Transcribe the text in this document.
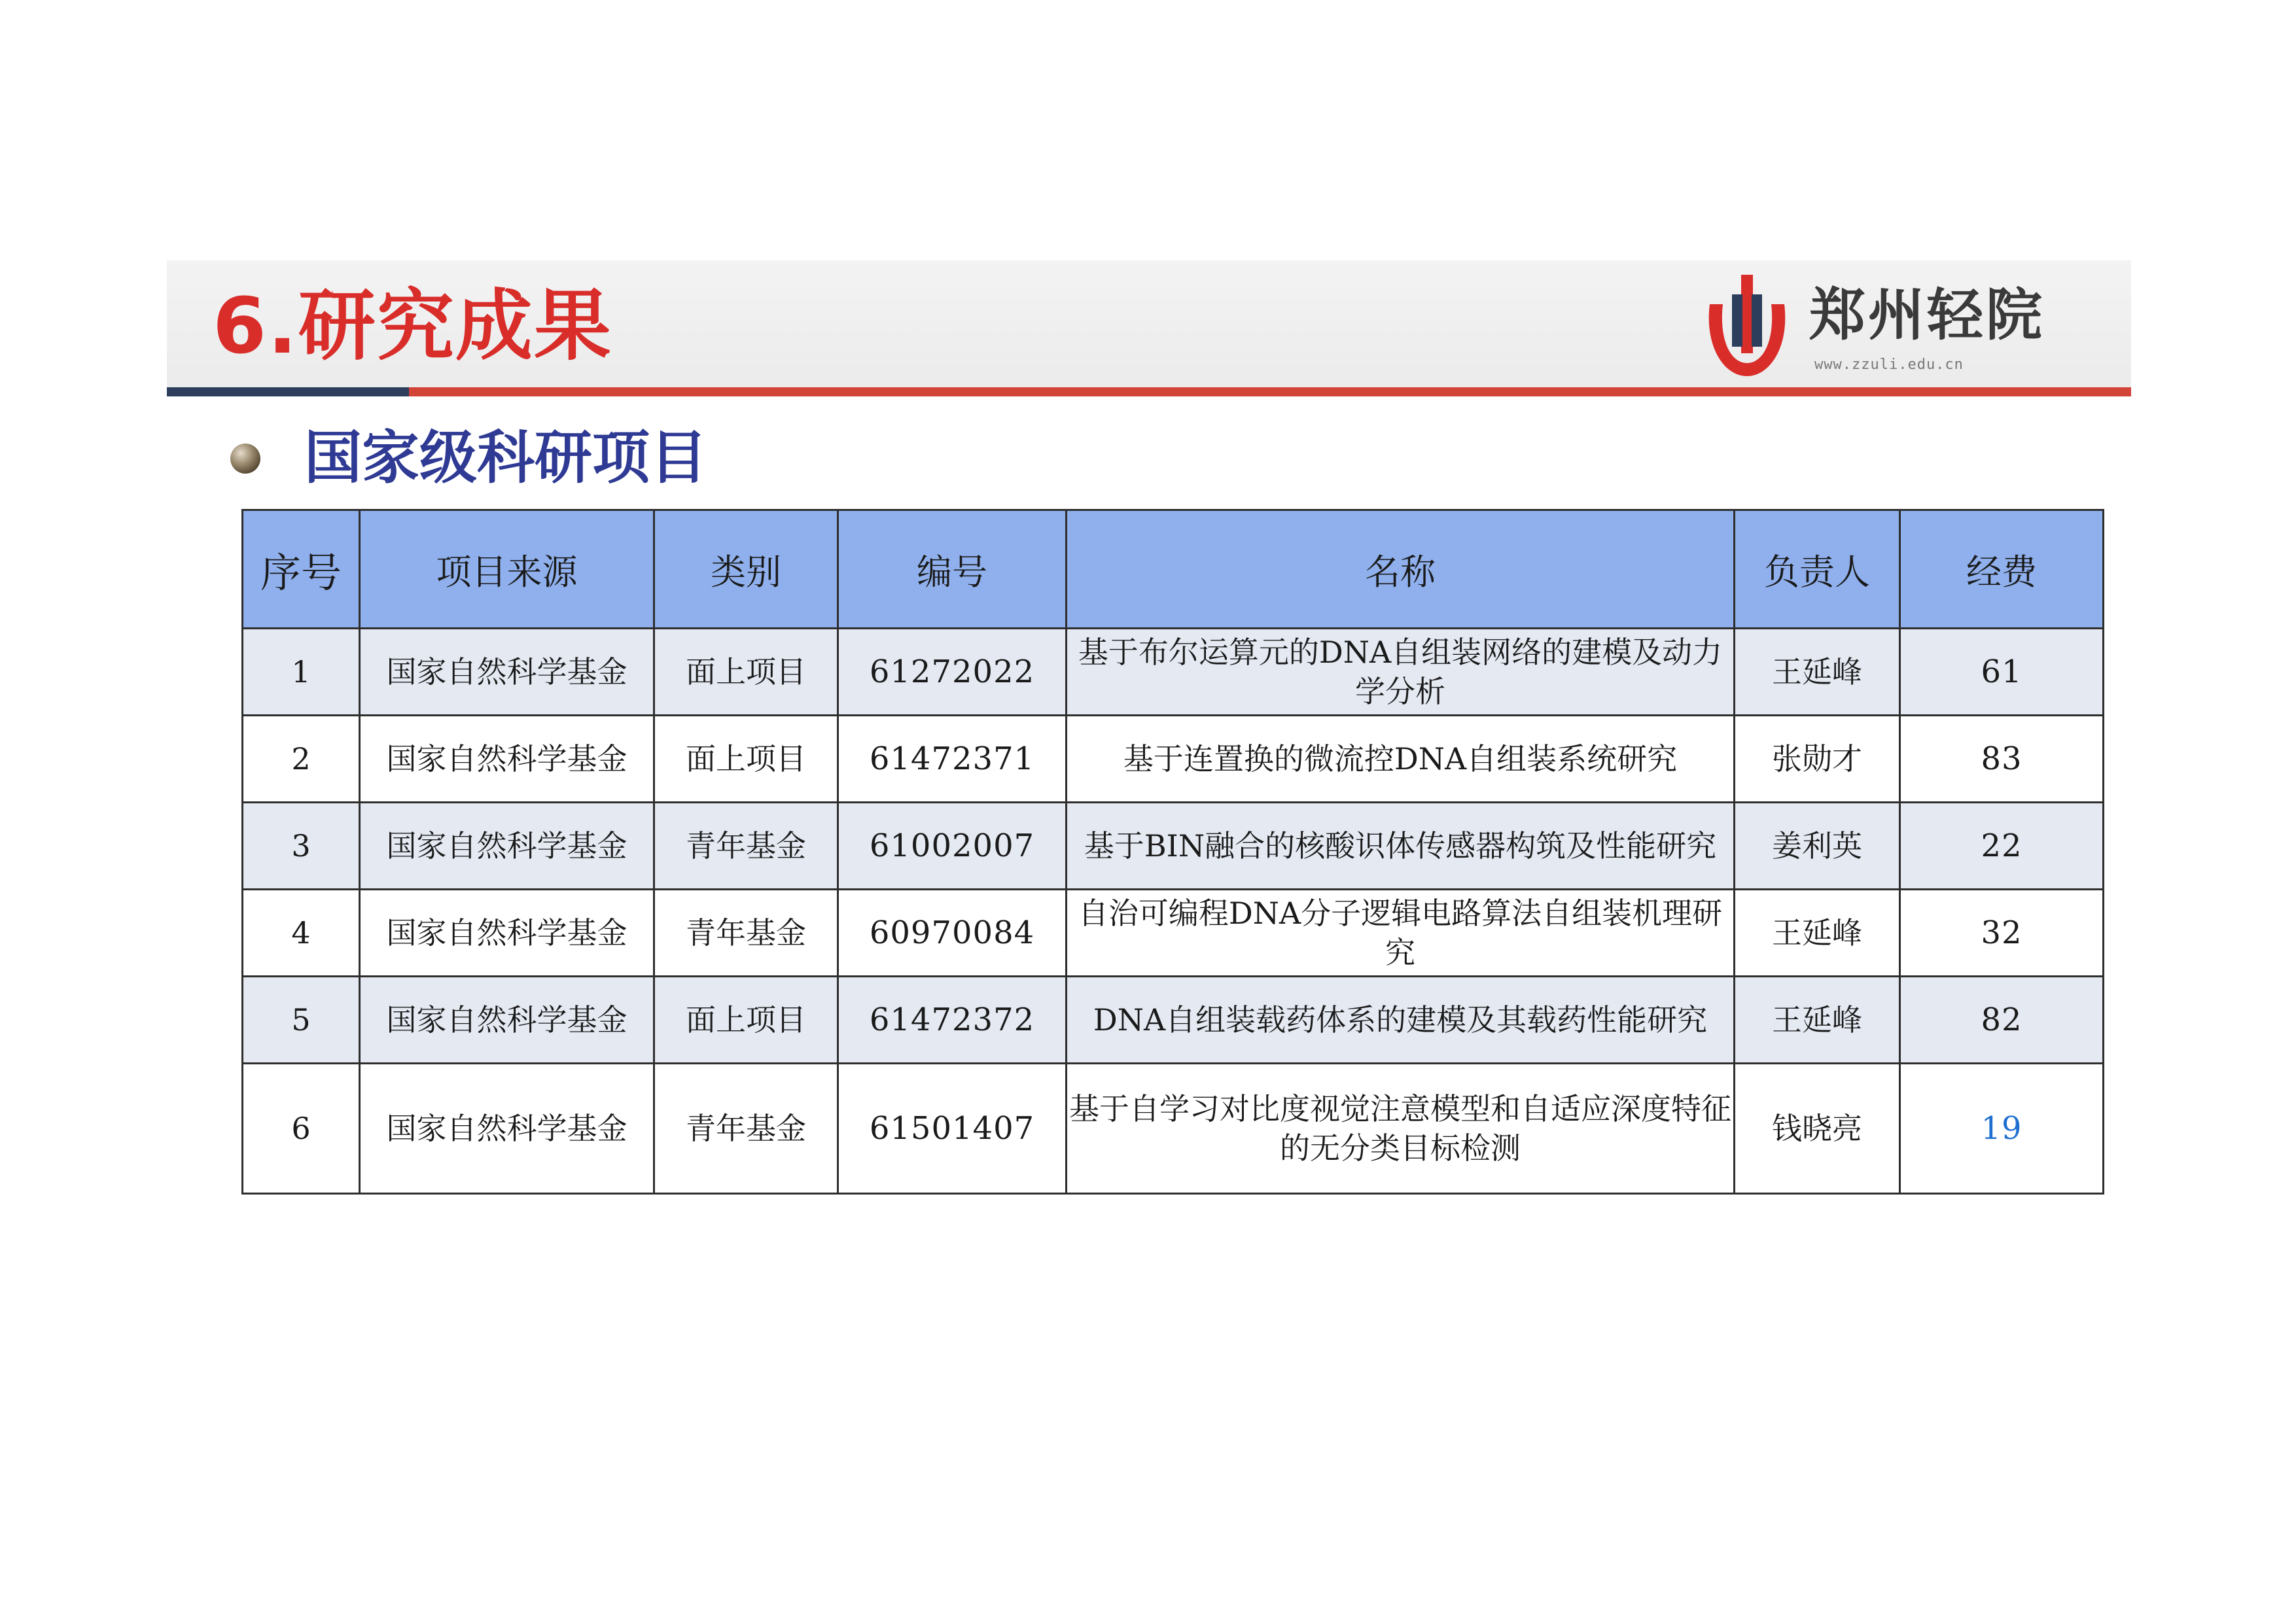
6.研究成果	郑州轻院
www.zzuli.edu.cn
国家级科研项目
序号	项目来源	类别	编号	名称	负责人	经费
1	国家自然科学基金	面上项目	61272022	基于布尔运算元的DNA自组装网络的建模及动力学分析	王延峰	61
2	国家自然科学基金	面上项目	61472371	基于连置换的微流控DNA自组装系统研究	张勋才	83
3	国家自然科学基金	青年基金	61002007	基于BIN融合的核酸识体传感器构筑及性能研究	姜利英	22
4	国家自然科学基金	青年基金	60970084	自治可编程DNA分子逻辑电路算法自组装机理研究	王延峰	32
5	国家自然科学基金	面上项目	61472372	DNA自组装载药体系的建模及其载药性能研究	王延峰	82
6	国家自然科学基金	青年基金	61501407	基于自学习对比度视觉注意模型和自适应深度特征的无分类目标检测	钱晓亮	19
